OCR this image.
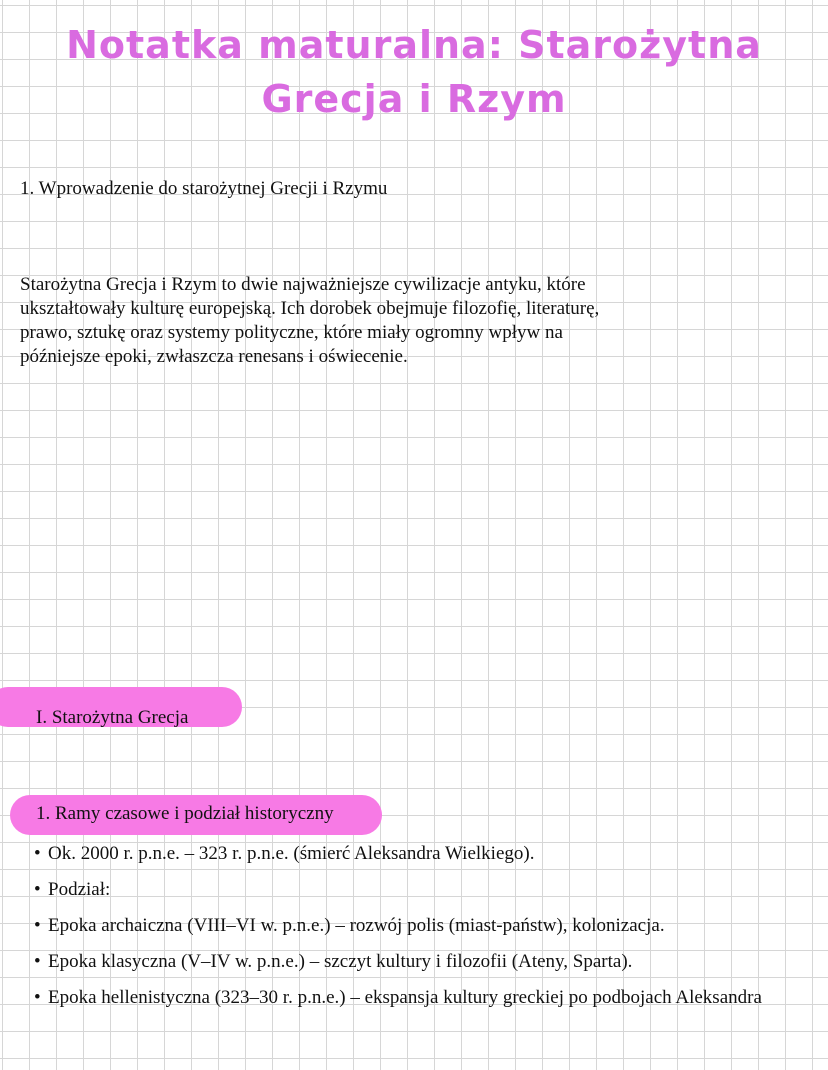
Notatka maturalna: Starożytna
Grecja i Rzym
1. Wprowadzenie do starożytnej Grecji i Rzymu

Starożytna Grecja i Rzym to dwie najważniejsze cywilizacje antyku, które
ukształtowały kulturę europejską. Ich dorobek obejmuje filozofię, literaturę,
prawo, sztukę oraz systemy polityczne, które miały ogromny wpływ na
późniejsze epoki, zwłaszcza renesans i oświecenie.

I. Starożytna Grecja
1. Ramy czasowe i podział historyczny
• Ok. 2000 r. p.n.e. – 323 r. p.n.e. (śmierć Aleksandra Wielkiego).
• Podział:
• Epoka archaiczna (VIII–VI w. p.n.e.) – rozwój polis (miast-państw), kolonizacja.
• Epoka klasyczna (V–IV w. p.n.e.) – szczyt kultury i filozofii (Ateny, Sparta).
• Epoka hellenistyczna (323–30 r. p.n.e.) – ekspansja kultury greckiej po podbojach Aleksandra
